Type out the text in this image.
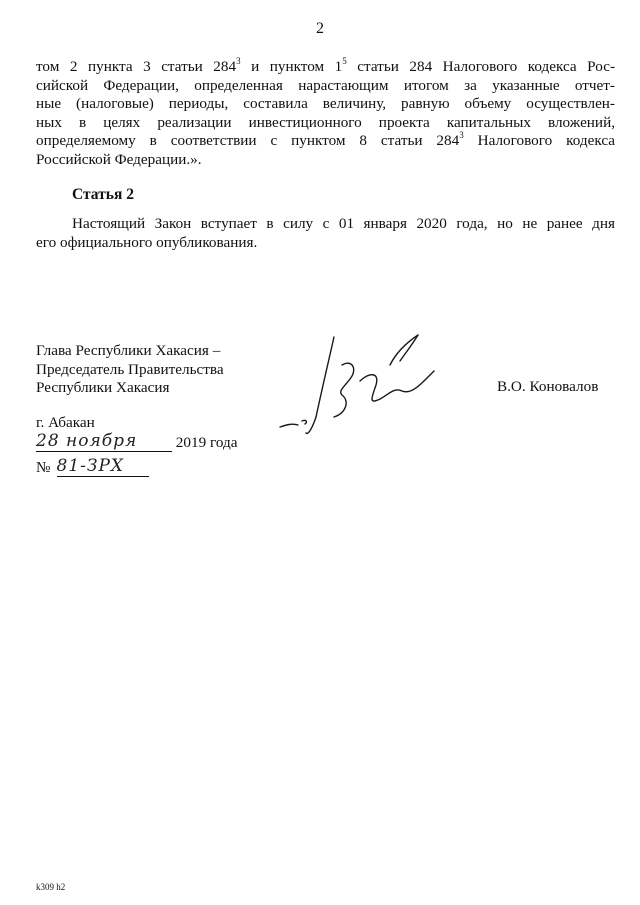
2
том 2 пункта 3 статьи $284^3$ и пунктом $1^5$ статьи 284 Налогового кодекса Рос-
сийской Федерации, определенная нарастающим итогом за указанные отчет-
ные (налоговые) периоды, составила величину, равную объему осуществлен-
ных в целях реализации инвестиционного проекта капитальных вложений,
определяемому в соответствии с пунктом 8 статьи $284^3$ Налогового кодекса
Российской Федерации.».
Статья 2
Настоящий Закон вступает в силу с 01 января 2020 года, но не ранее дня
его официального опубликования.
Глава Республики Хакасия –
Председатель Правительства
Республики Хакасия	В.О. Коновалов
г. Абакан
28 ноября	2019 года
№ 81-ЗРХ
k309 h2
